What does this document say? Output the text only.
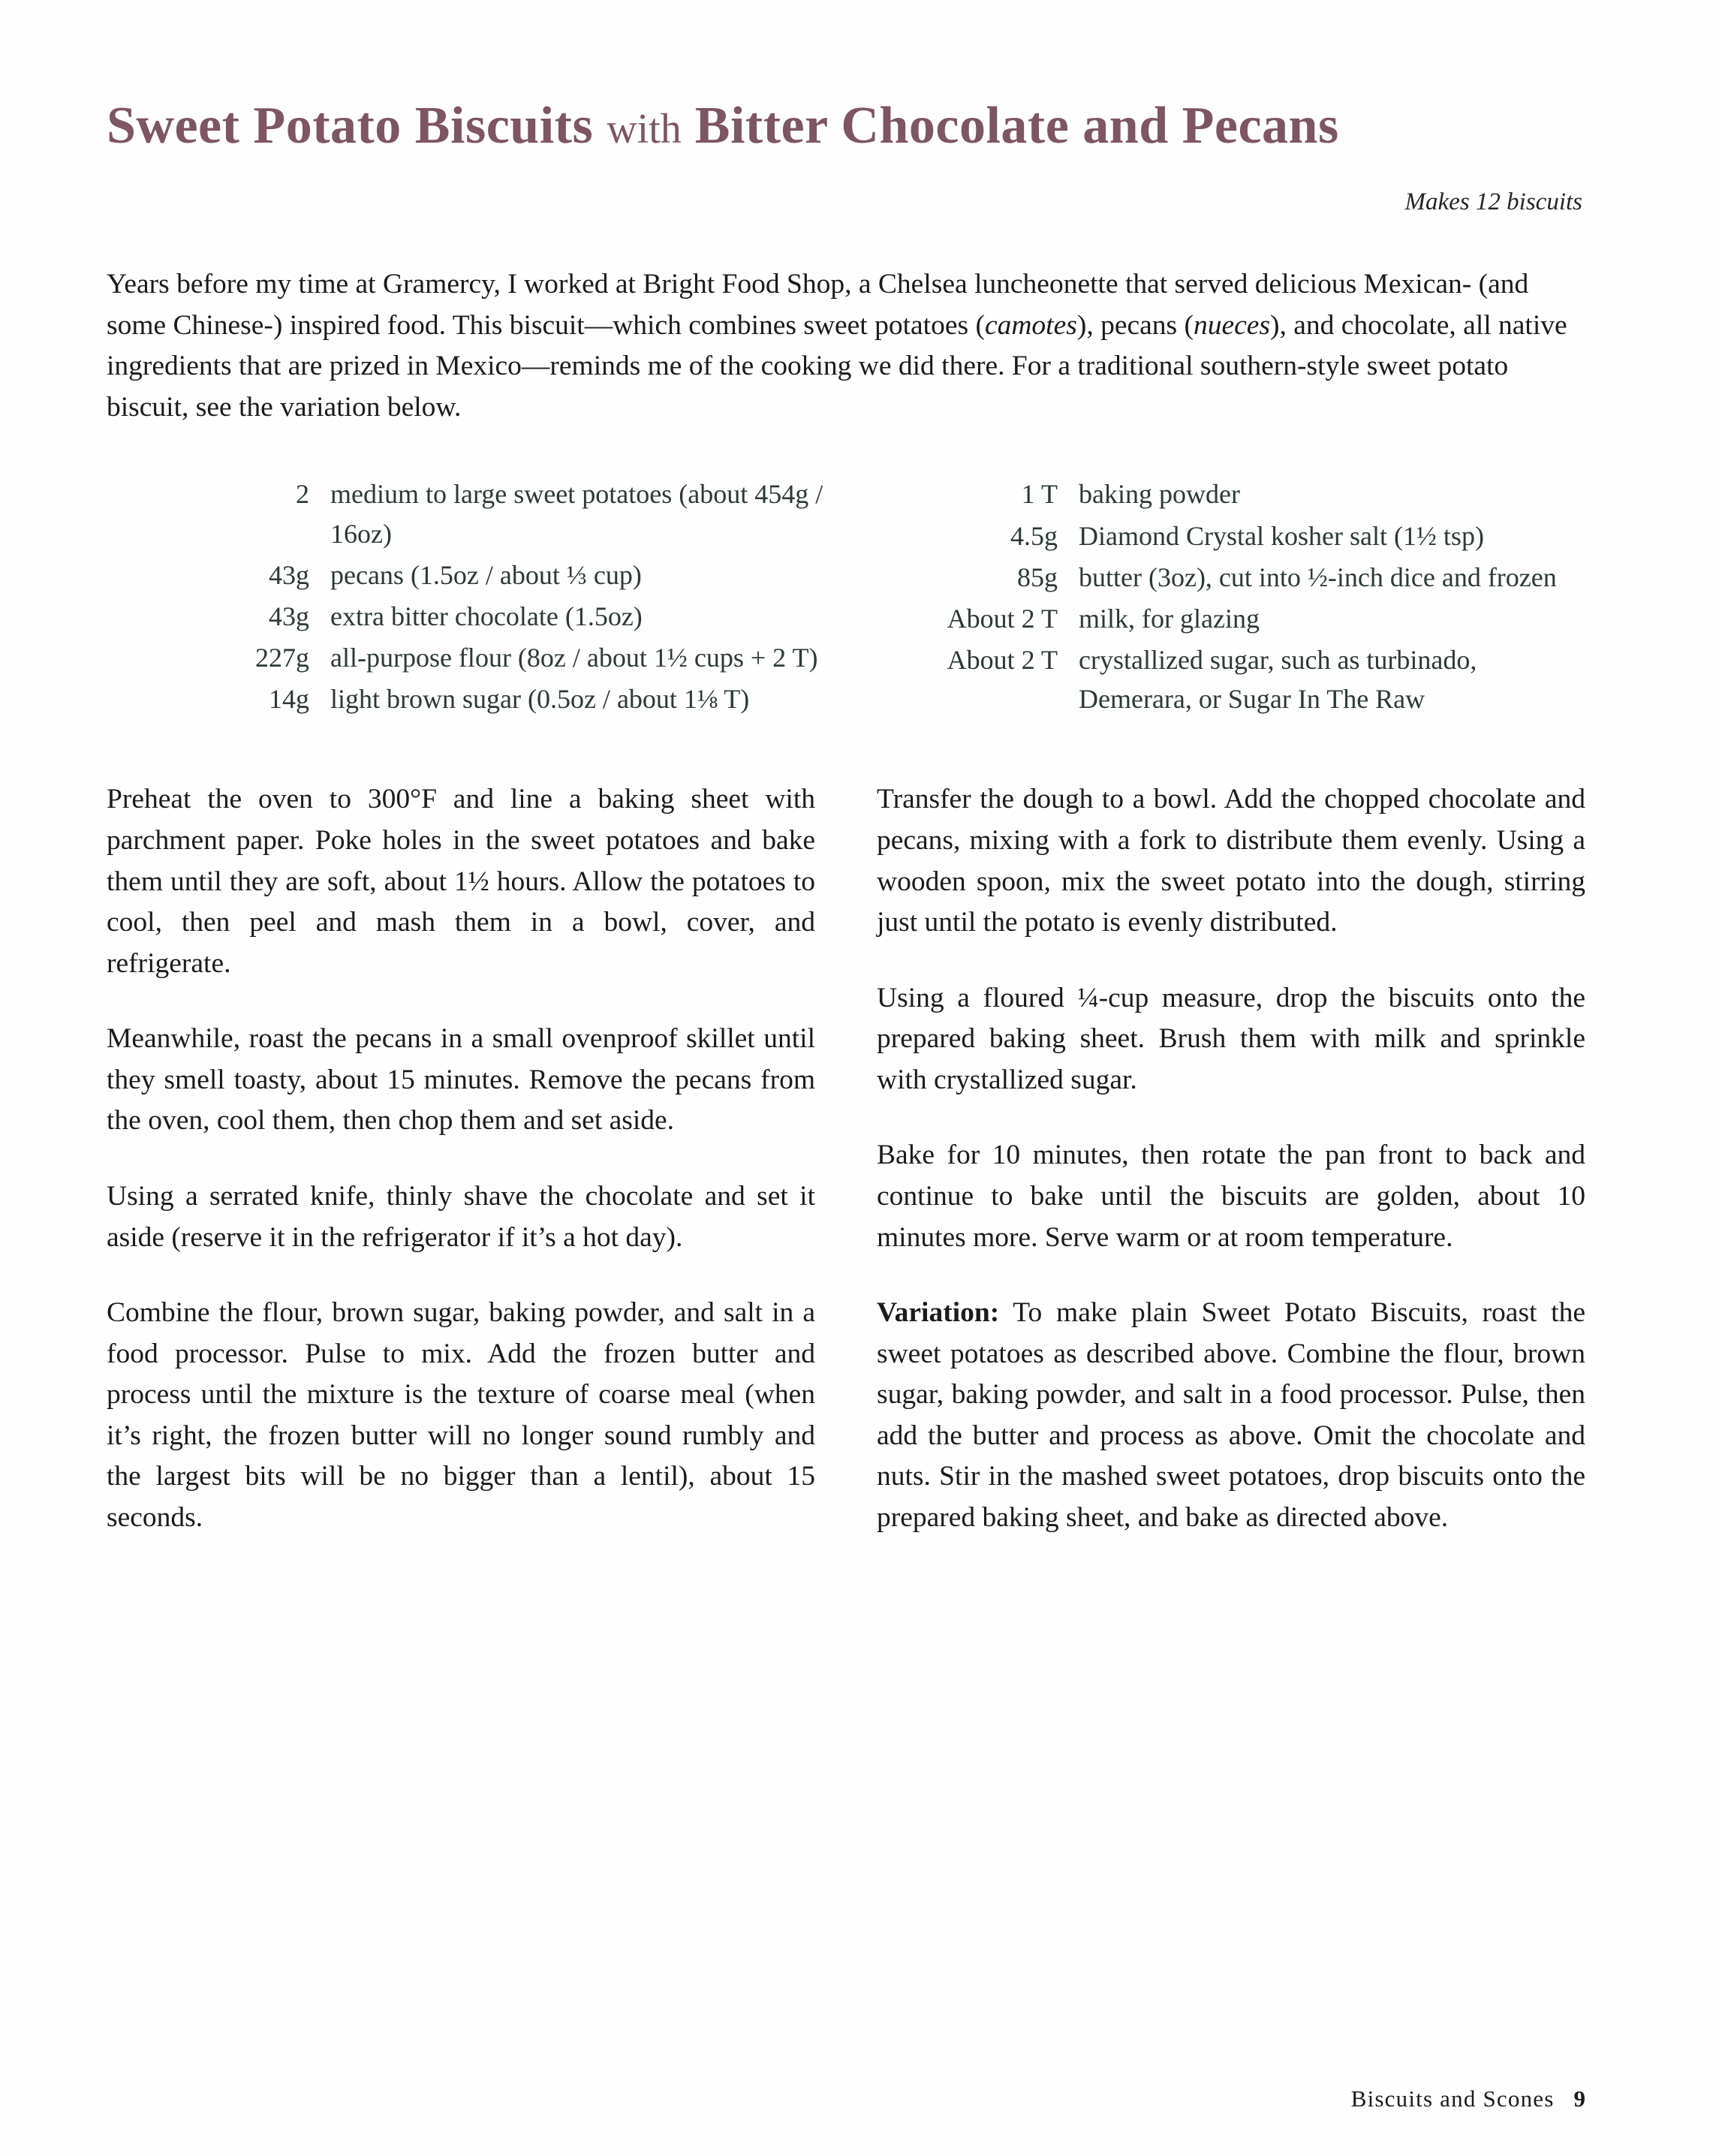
Sweet Potato Biscuits with Bitter Chocolate and Pecans
Makes 12 biscuits
Years before my time at Gramercy, I worked at Bright Food Shop, a Chelsea luncheonette that served delicious Mexican- (and some Chinese-) inspired food. This biscuit—which combines sweet potatoes (camotes), pecans (nueces), and chocolate, all native ingredients that are prized in Mexico—reminds me of the cooking we did there. For a traditional southern-style sweet potato biscuit, see the variation below.
2 medium to large sweet potatoes (about 454g / 16oz)
43g pecans (1.5oz / about ⅓ cup)
43g extra bitter chocolate (1.5oz)
227g all-purpose flour (8oz / about 1½ cups + 2 T)
14g light brown sugar (0.5oz / about 1⅛ T)
1 T baking powder
4.5g Diamond Crystal kosher salt (1½ tsp)
85g butter (3oz), cut into ½-inch dice and frozen
About 2 T milk, for glazing
About 2 T crystallized sugar, such as turbinado, Demerara, or Sugar In The Raw

Preheat the oven to 300°F and line a baking sheet with parchment paper. Poke holes in the sweet potatoes and bake them until they are soft, about 1½ hours. Allow the potatoes to cool, then peel and mash them in a bowl, cover, and refrigerate.

Meanwhile, roast the pecans in a small ovenproof skillet until they smell toasty, about 15 minutes. Remove the pecans from the oven, cool them, then chop them and set aside.

Using a serrated knife, thinly shave the chocolate and set it aside (reserve it in the refrigerator if it’s a hot day).

Combine the flour, brown sugar, baking powder, and salt in a food processor. Pulse to mix. Add the frozen butter and process until the mixture is the texture of coarse meal (when it’s right, the frozen butter will no longer sound rumbly and the largest bits will be no bigger than a lentil), about 15 seconds.

Transfer the dough to a bowl. Add the chopped chocolate and pecans, mixing with a fork to distribute them evenly. Using a wooden spoon, mix the sweet potato into the dough, stirring just until the potato is evenly distributed.

Using a floured ¼-cup measure, drop the biscuits onto the prepared baking sheet. Brush them with milk and sprinkle with crystallized sugar.

Bake for 10 minutes, then rotate the pan front to back and continue to bake until the biscuits are golden, about 10 minutes more. Serve warm or at room temperature.

Variation: To make plain Sweet Potato Biscuits, roast the sweet potatoes as described above. Combine the flour, brown sugar, baking powder, and salt in a food processor. Pulse, then add the butter and process as above. Omit the chocolate and nuts. Stir in the mashed sweet potatoes, drop biscuits onto the prepared baking sheet, and bake as directed above.

Biscuits and Scones 9
